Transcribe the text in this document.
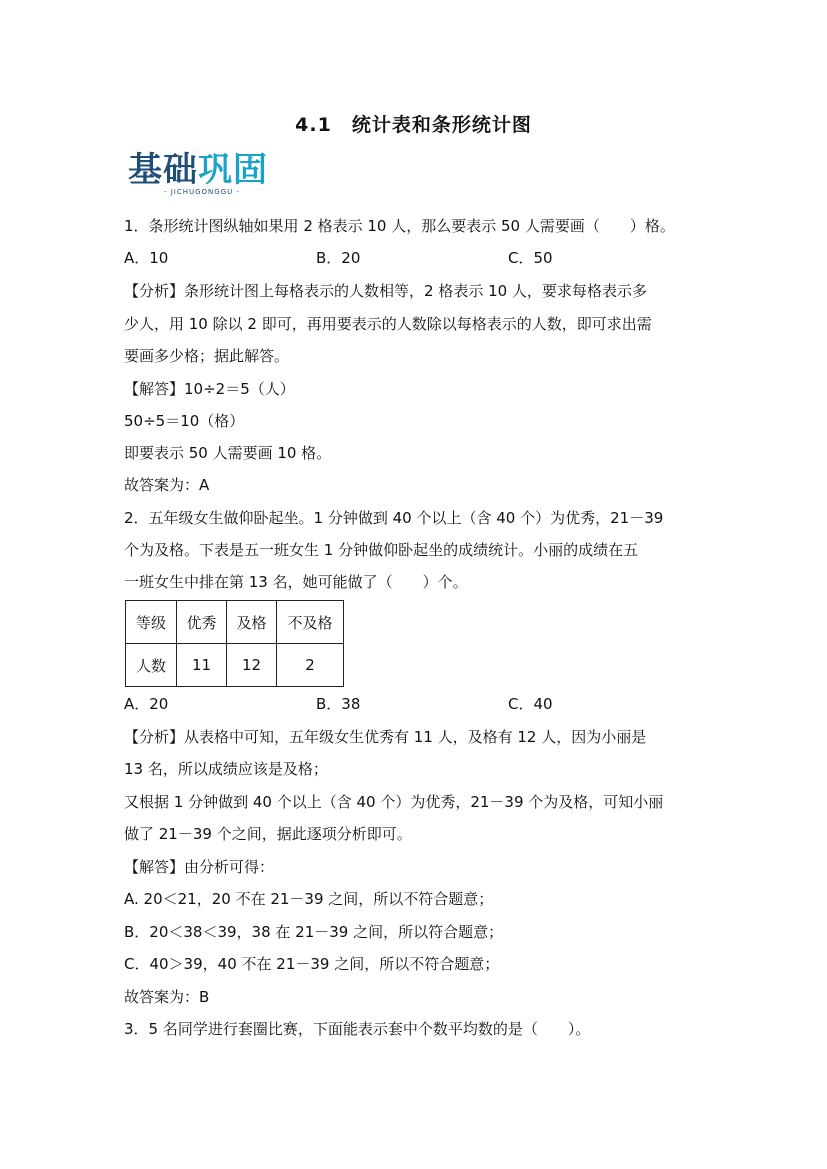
4.1　统计表和条形统计图
基础巩固
- JICHUGONGGU -
1．条形统计图纵轴如果用 2 格表示 10 人，那么要表示 50 人需要画（　　）格。
A．10	B．20	C．50
【分析】条形统计图上每格表示的人数相等，2 格表示 10 人，要求每格表示多
少人，用 10 除以 2 即可，再用要表示的人数除以每格表示的人数，即可求出需
要画多少格；据此解答。
【解答】10÷2＝5（人）
50÷5＝10（格）
即要表示 50 人需要画 10 格。
故答案为：A
2．五年级女生做仰卧起坐。1 分钟做到 40 个以上（含 40 个）为优秀，21－39
个为及格。下表是五一班女生 1 分钟做仰卧起坐的成绩统计。小丽的成绩在五
一班女生中排在第 13 名，她可能做了（　　）个。
等级	优秀	及格	不及格
人数	11	12	2
A．20	B．38	C．40
【分析】从表格中可知，五年级女生优秀有 11 人，及格有 12 人，因为小丽是
13 名，所以成绩应该是及格；
又根据 1 分钟做到 40 个以上（含 40 个）为优秀，21－39 个为及格，可知小丽
做了 21－39 个之间，据此逐项分析即可。
【解答】由分析可得：
A. 20＜21，20 不在 21－39 之间，所以不符合题意；
B．20＜38＜39，38 在 21－39 之间，所以符合题意；
C．40＞39，40 不在 21－39 之间，所以不符合题意；
故答案为：B
3．5 名同学进行套圈比赛，下面能表示套中个数平均数的是（　　）。
